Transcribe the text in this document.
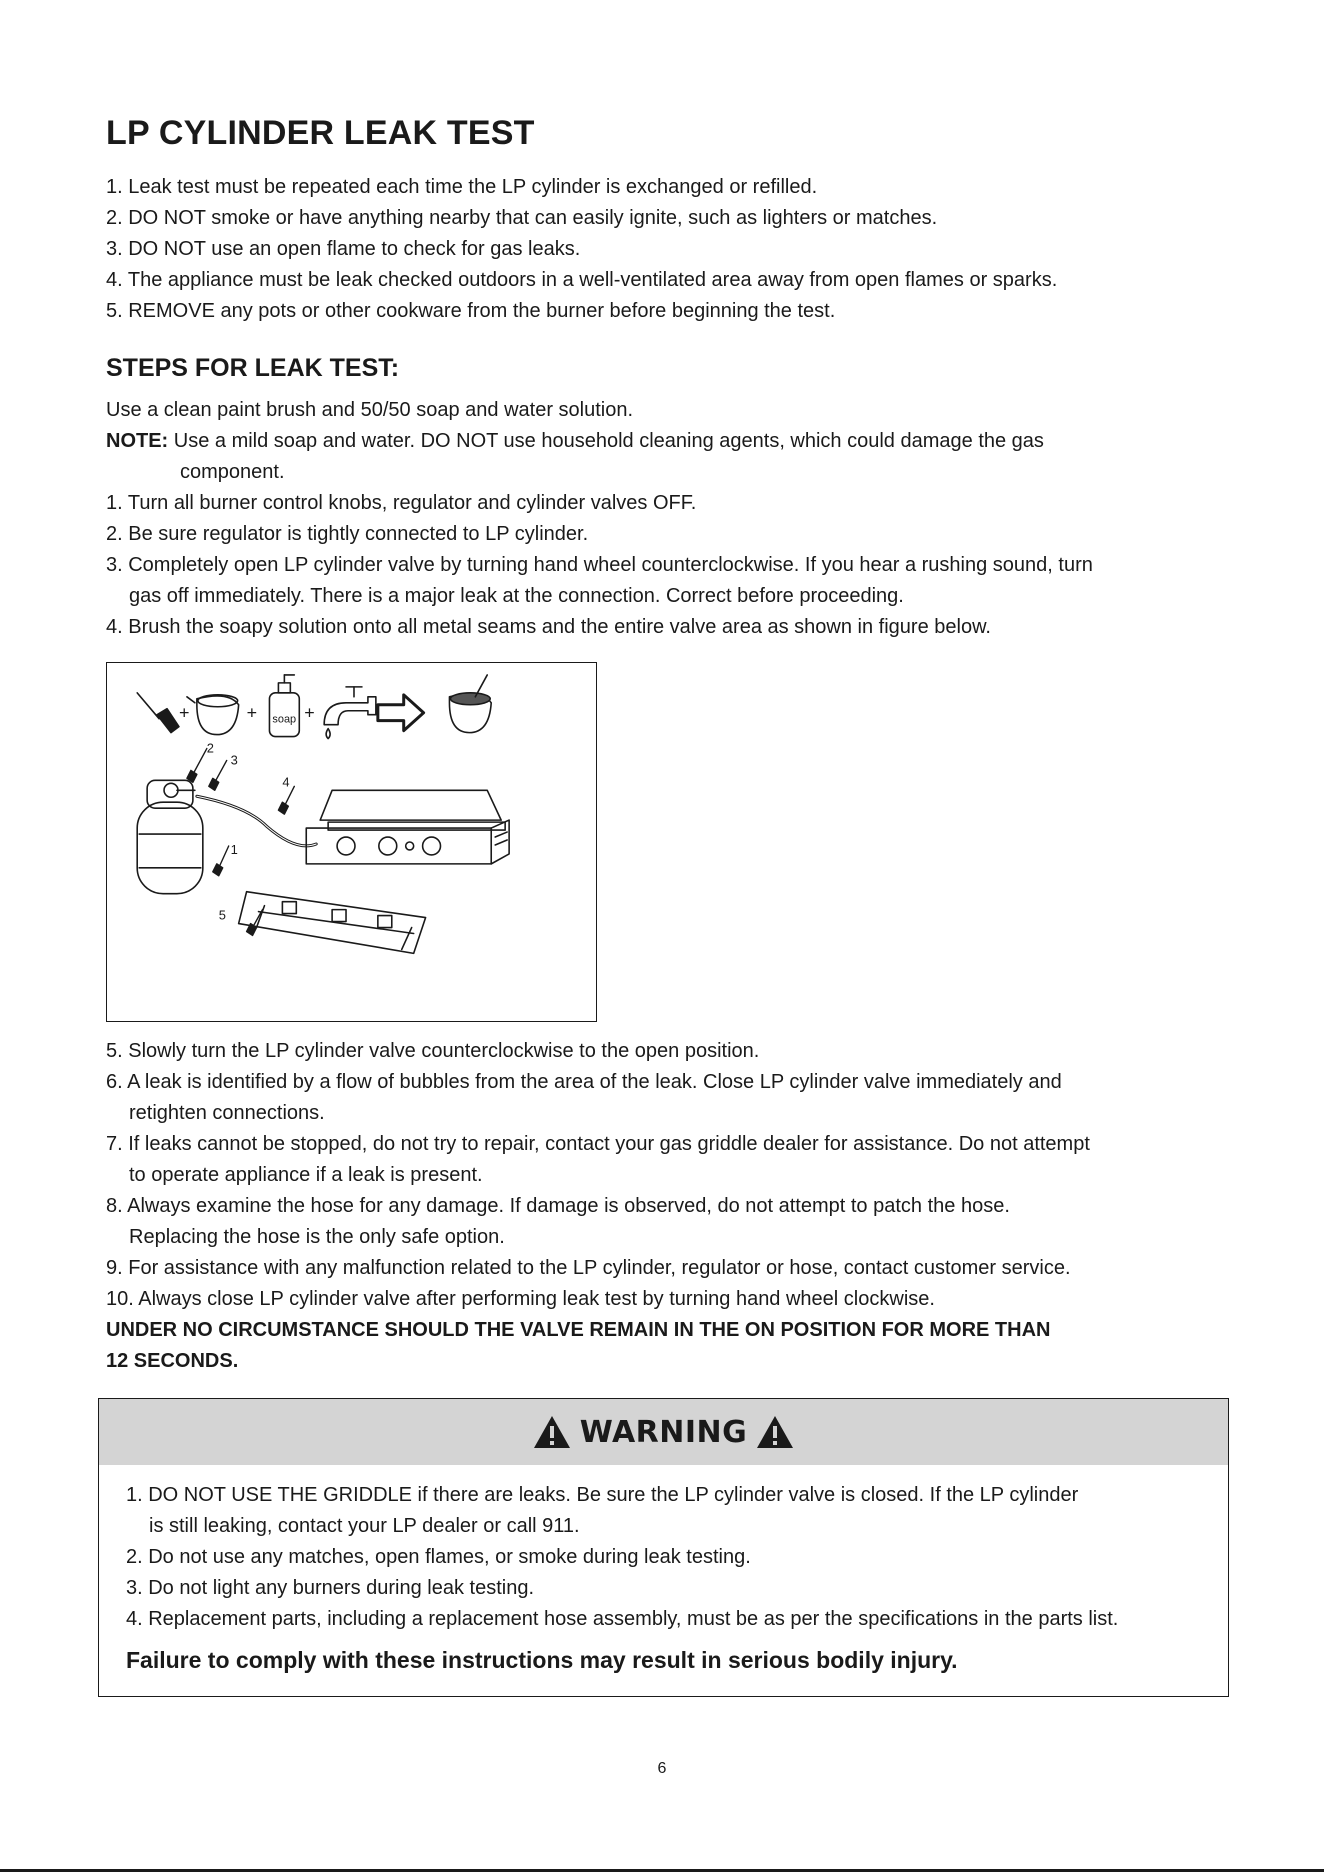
LP CYLINDER LEAK TEST
1. Leak test must be repeated each time the LP cylinder is exchanged or refilled.
2. DO NOT smoke or have anything nearby that can easily ignite, such as lighters or matches.
3. DO NOT use an open flame to check for gas leaks.
4. The appliance must be leak checked outdoors in a well-ventilated area away from open flames or sparks.
5. REMOVE any pots or other cookware from the burner before beginning the test.
STEPS FOR LEAK TEST:
Use a clean paint brush and 50/50 soap and water solution.
NOTE: Use a mild soap and water. DO NOT use household cleaning agents, which could damage the gas
component.
1. Turn all burner control knobs, regulator and cylinder valves OFF.
2. Be sure regulator is tightly connected to LP cylinder.
3. Completely open LP cylinder valve by turning hand wheel counterclockwise. If you hear a rushing sound, turn
gas off immediately. There is a major leak at the connection. Correct before proceeding.
4. Brush the soapy solution onto all metal seams and the entire valve area as shown in figure below.
+	+ soap +
2
3
4
1
5
5. Slowly turn the LP cylinder valve counterclockwise to the open position.
6. A leak is identified by a flow of bubbles from the area of the leak. Close LP cylinder valve immediately and
retighten connections.
7. If leaks cannot be stopped, do not try to repair, contact your gas griddle dealer for assistance. Do not attempt
to operate appliance if a leak is present.
8. Always examine the hose for any damage. If damage is observed, do not attempt to patch the hose.
Replacing the hose is the only safe option.
9. For assistance with any malfunction related to the LP cylinder, regulator or hose, contact customer service.
10. Always close LP cylinder valve after performing leak test by turning hand wheel clockwise.
UNDER NO CIRCUMSTANCE SHOULD THE VALVE REMAIN IN THE ON POSITION FOR MORE THAN
12 SECONDS.
WARNING
1. DO NOT USE THE GRIDDLE if there are leaks. Be sure the LP cylinder valve is closed. If the LP cylinder
is still leaking, contact your LP dealer or call 911.
2. Do not use any matches, open flames, or smoke during leak testing.
3. Do not light any burners during leak testing.
4. Replacement parts, including a replacement hose assembly, must be as per the specifications in the parts list.
Failure to comply with these instructions may result in serious bodily injury.
6
